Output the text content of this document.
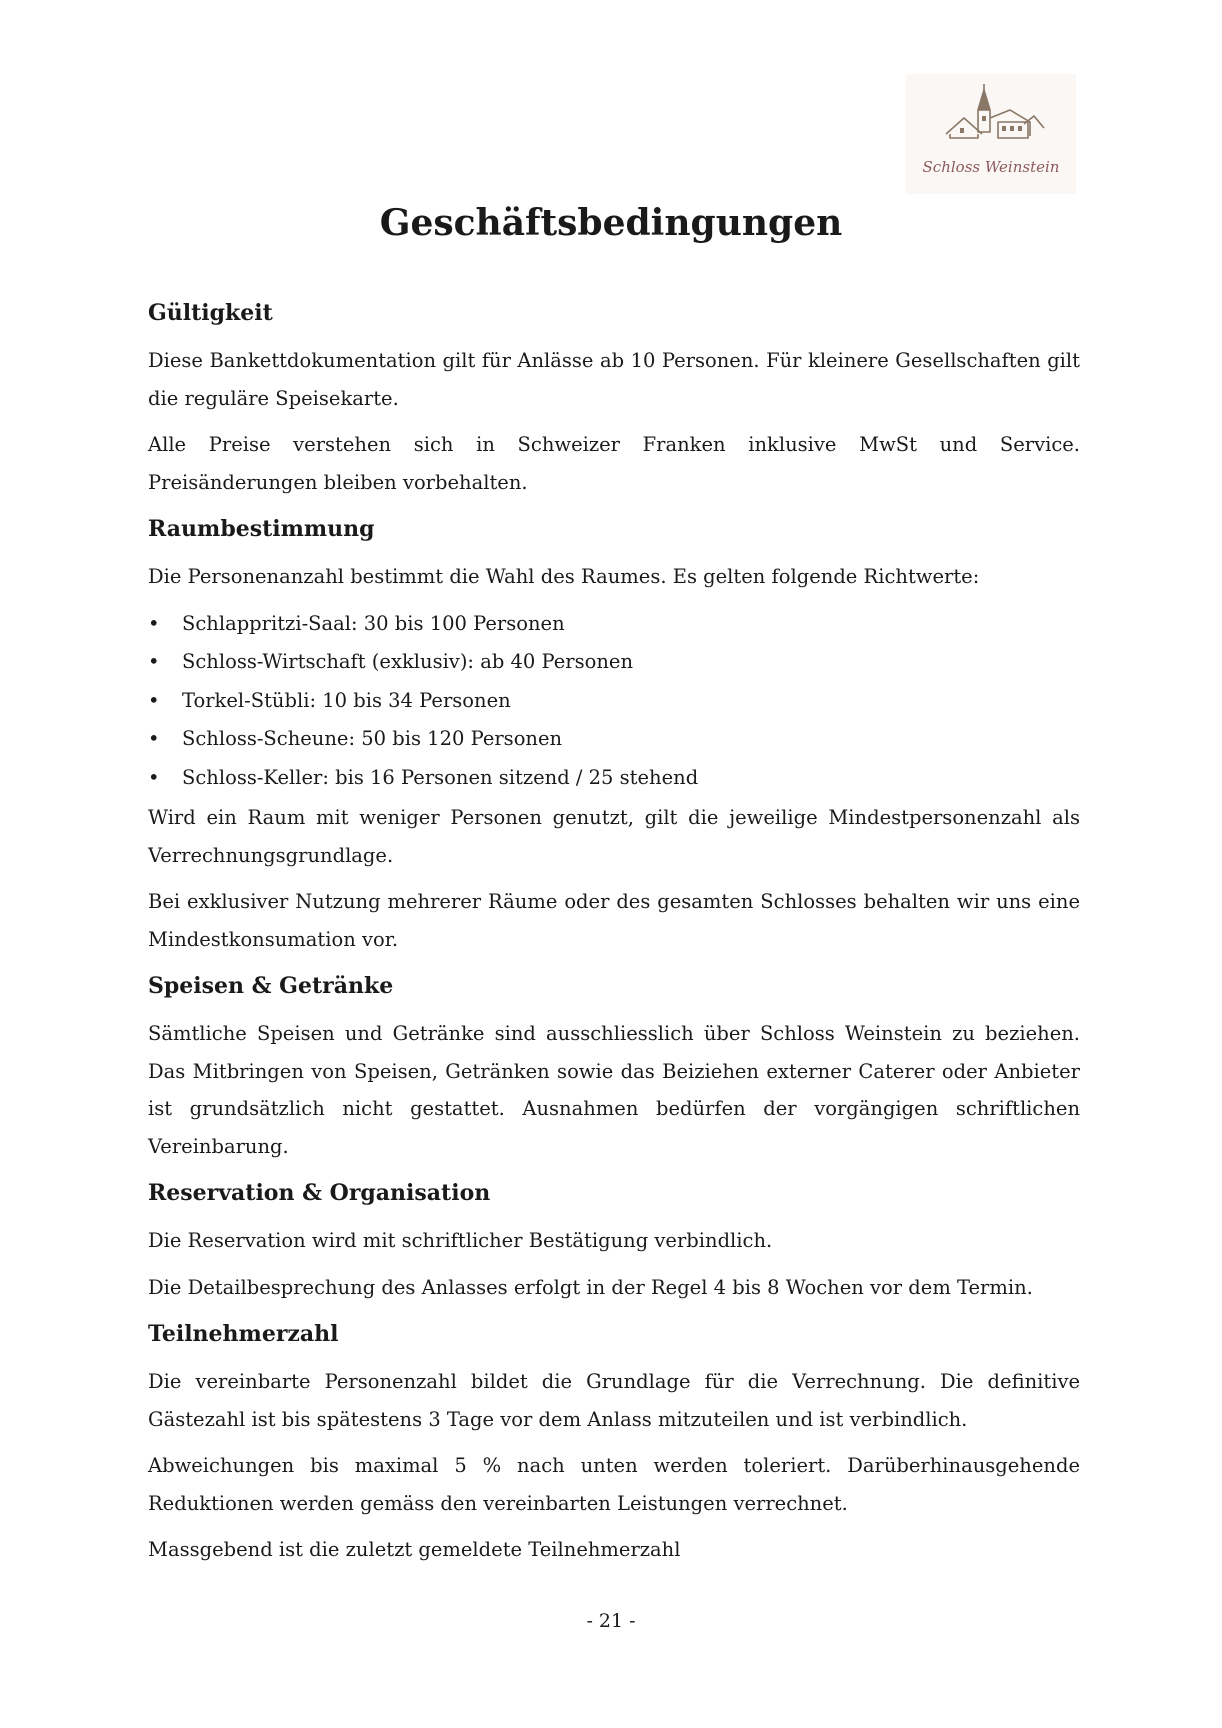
Schloss Weinstein
Geschäftsbedingungen
Gültigkeit

Diese Bankettdokumentation gilt für Anlässe ab 10 Personen. Für kleinere Gesellschaften gilt die reguläre Speisekarte.

Alle Preise verstehen sich in Schweizer Franken inklusive MwSt und Service. Preisänderungen bleiben vorbehalten.

Raumbestimmung

Die Personenanzahl bestimmt die Wahl des Raumes. Es gelten folgende Richtwerte:

• Schlappritzi-Saal: 30 bis 100 Personen
• Schloss-Wirtschaft (exklusiv): ab 40 Personen
• Torkel-Stübli: 10 bis 34 Personen
• Schloss-Scheune: 50 bis 120 Personen
• Schloss-Keller: bis 16 Personen sitzend / 25 stehend

Wird ein Raum mit weniger Personen genutzt, gilt die jeweilige Mindestpersonenzahl als Verrechnungsgrundlage.

Bei exklusiver Nutzung mehrerer Räume oder des gesamten Schlosses behalten wir uns eine Mindestkonsumation vor.

Speisen & Getränke

Sämtliche Speisen und Getränke sind ausschliesslich über Schloss Weinstein zu beziehen. Das Mitbringen von Speisen, Getränken sowie das Beiziehen externer Caterer oder Anbieter ist grundsätzlich nicht gestattet. Ausnahmen bedürfen der vorgängigen schriftlichen Vereinbarung.

Reservation & Organisation

Die Reservation wird mit schriftlicher Bestätigung verbindlich.

Die Detailbesprechung des Anlasses erfolgt in der Regel 4 bis 8 Wochen vor dem Termin.

Teilnehmerzahl

Die vereinbarte Personenzahl bildet die Grundlage für die Verrechnung. Die definitive Gästezahl ist bis spätestens 3 Tage vor dem Anlass mitzuteilen und ist verbindlich.

Abweichungen bis maximal 5 % nach unten werden toleriert. Darüberhinausgehende Reduktionen werden gemäss den vereinbarten Leistungen verrechnet.

Massgebend ist die zuletzt gemeldete Teilnehmerzahl

- 21 -
